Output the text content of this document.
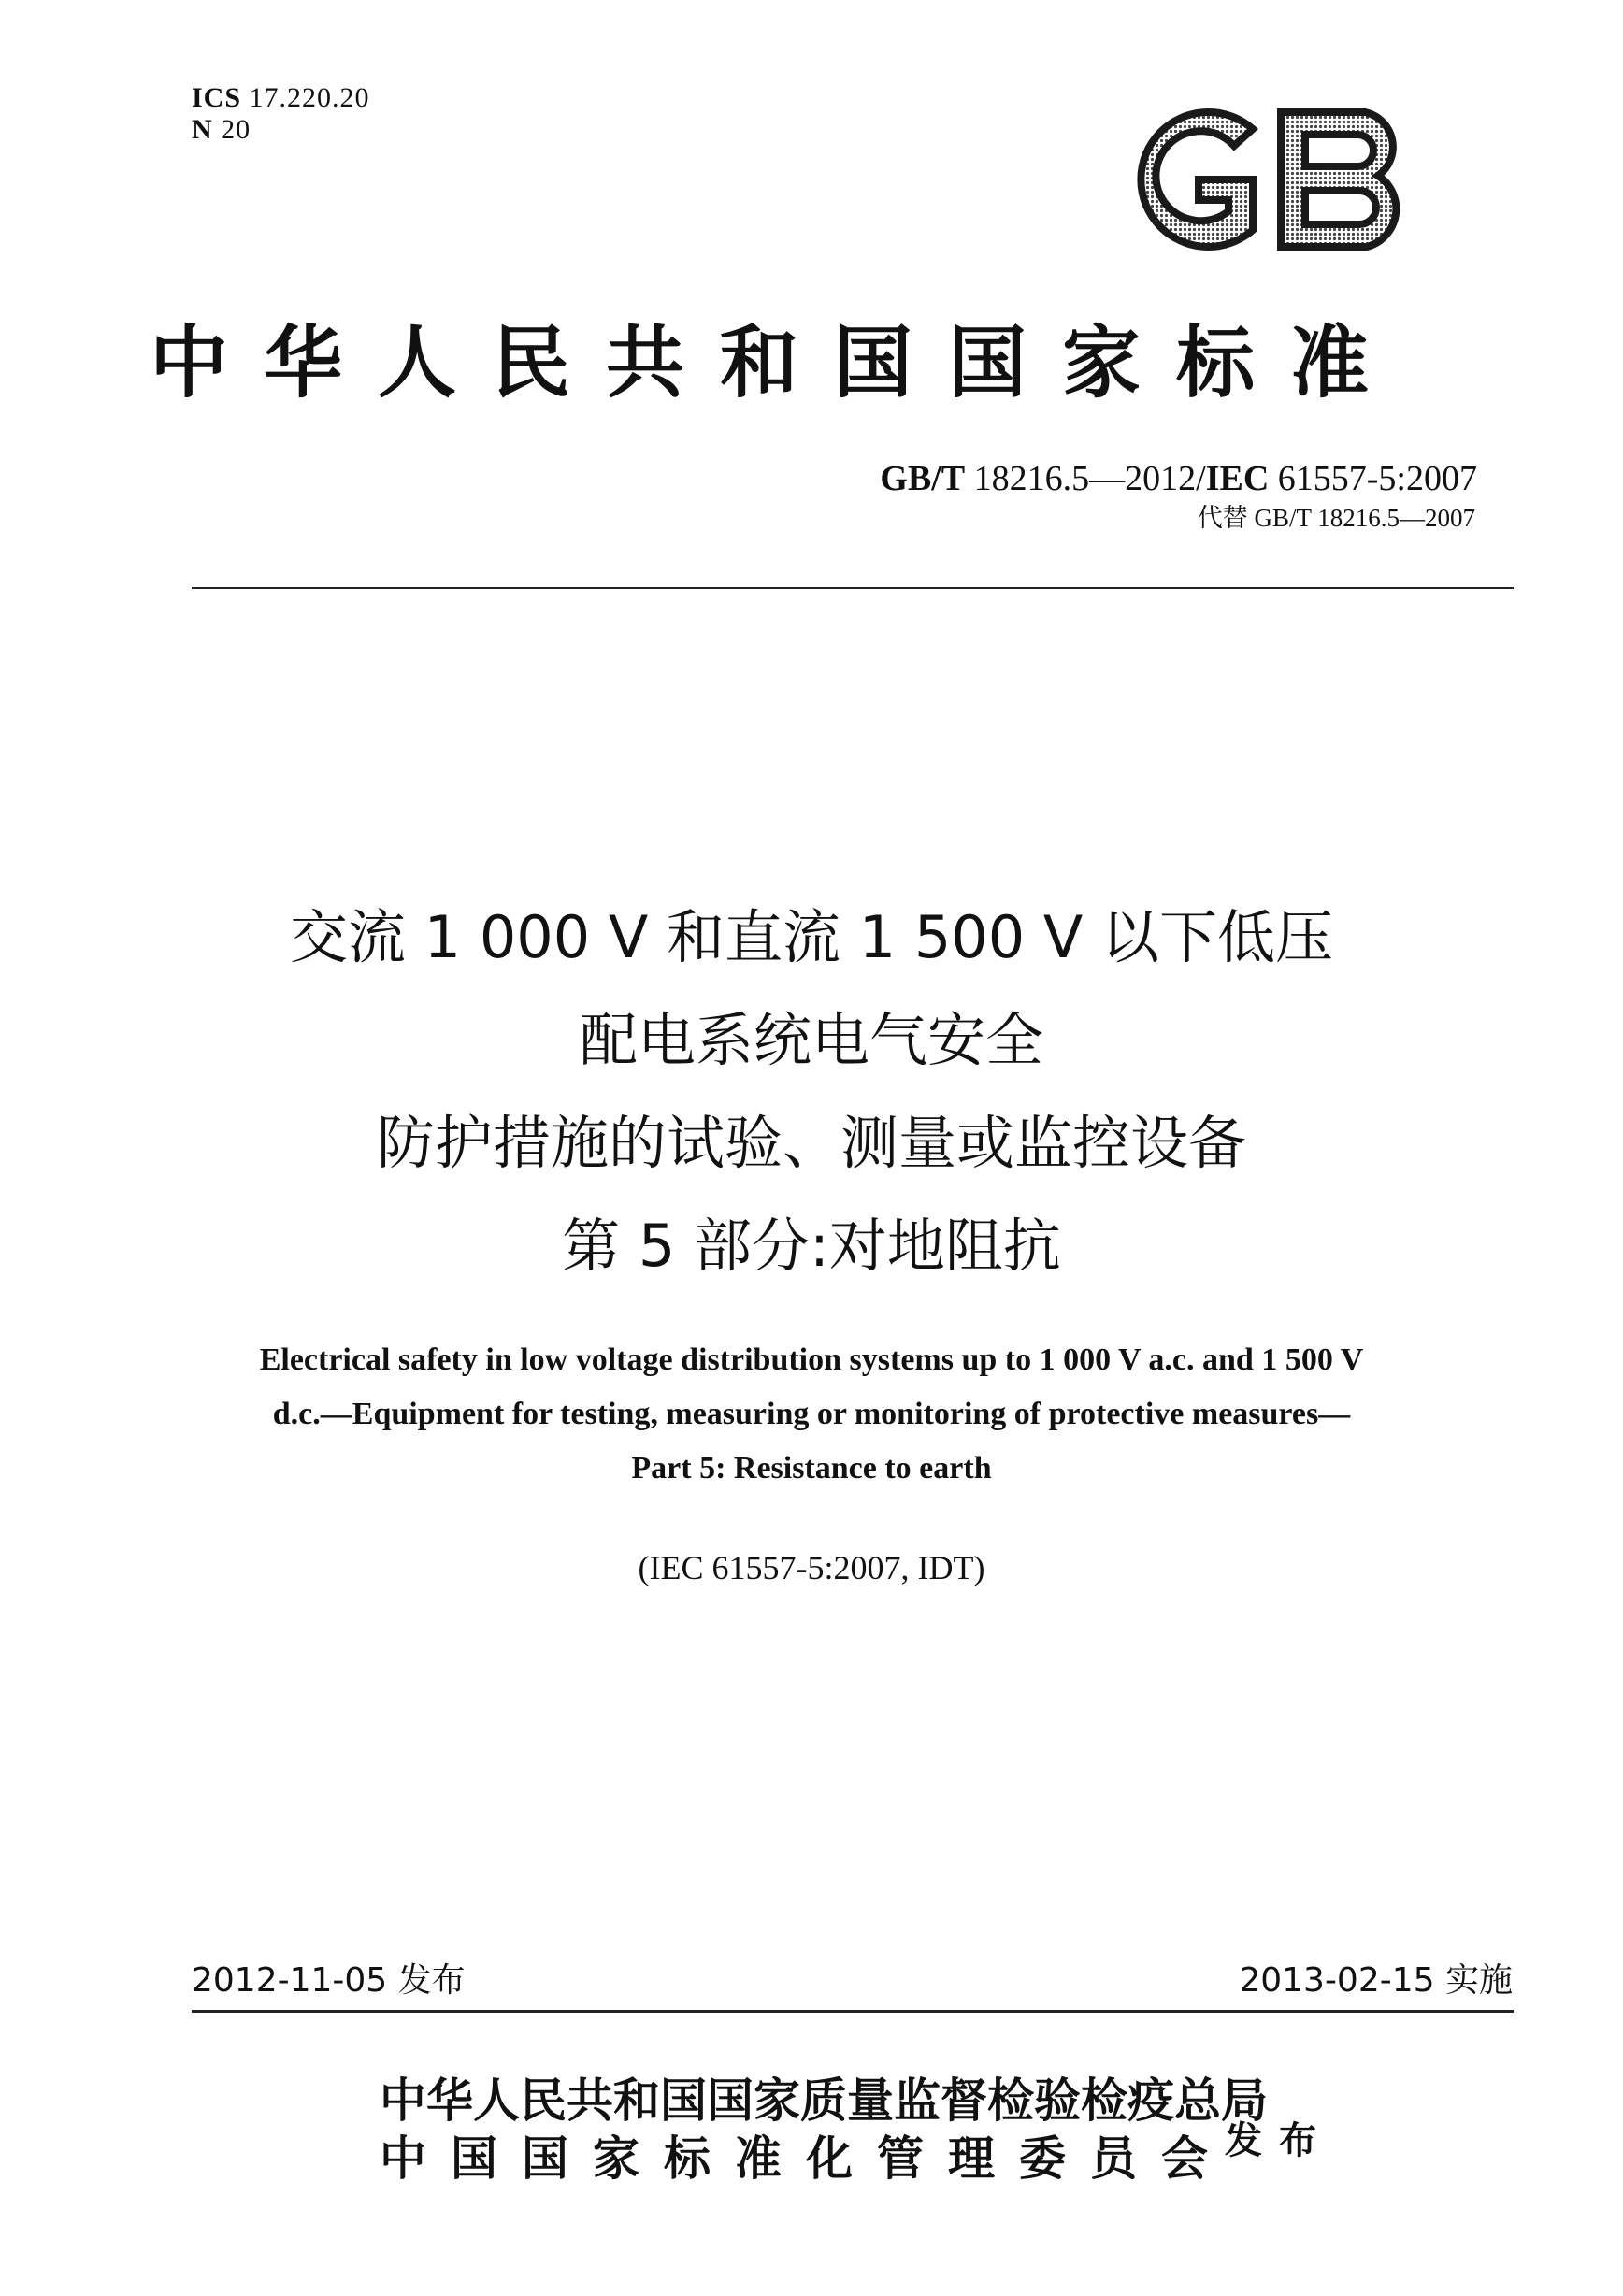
ICS 17.220.20
N 20
中华人民共和国国家标准
GB/T 18216.5—2012/IEC 61557-5:2007
代替 GB/T 18216.5—2007
交流 1 000 V 和直流 1 500 V 以下低压
配电系统电气安全
防护措施的试验、测量或监控设备
第 5 部分:对地阻抗
Electrical safety in low voltage distribution systems up to 1 000 V a.c. and 1 500 V
d.c.—Equipment for testing, measuring or monitoring of protective measures—
Part 5: Resistance to earth
(IEC 61557-5:2007, IDT)
2012-11-05 发布	2013-02-15 实施
中华人民共和国国家质量监督检验检疫总局
中国国家标准化管理委员会
发布
